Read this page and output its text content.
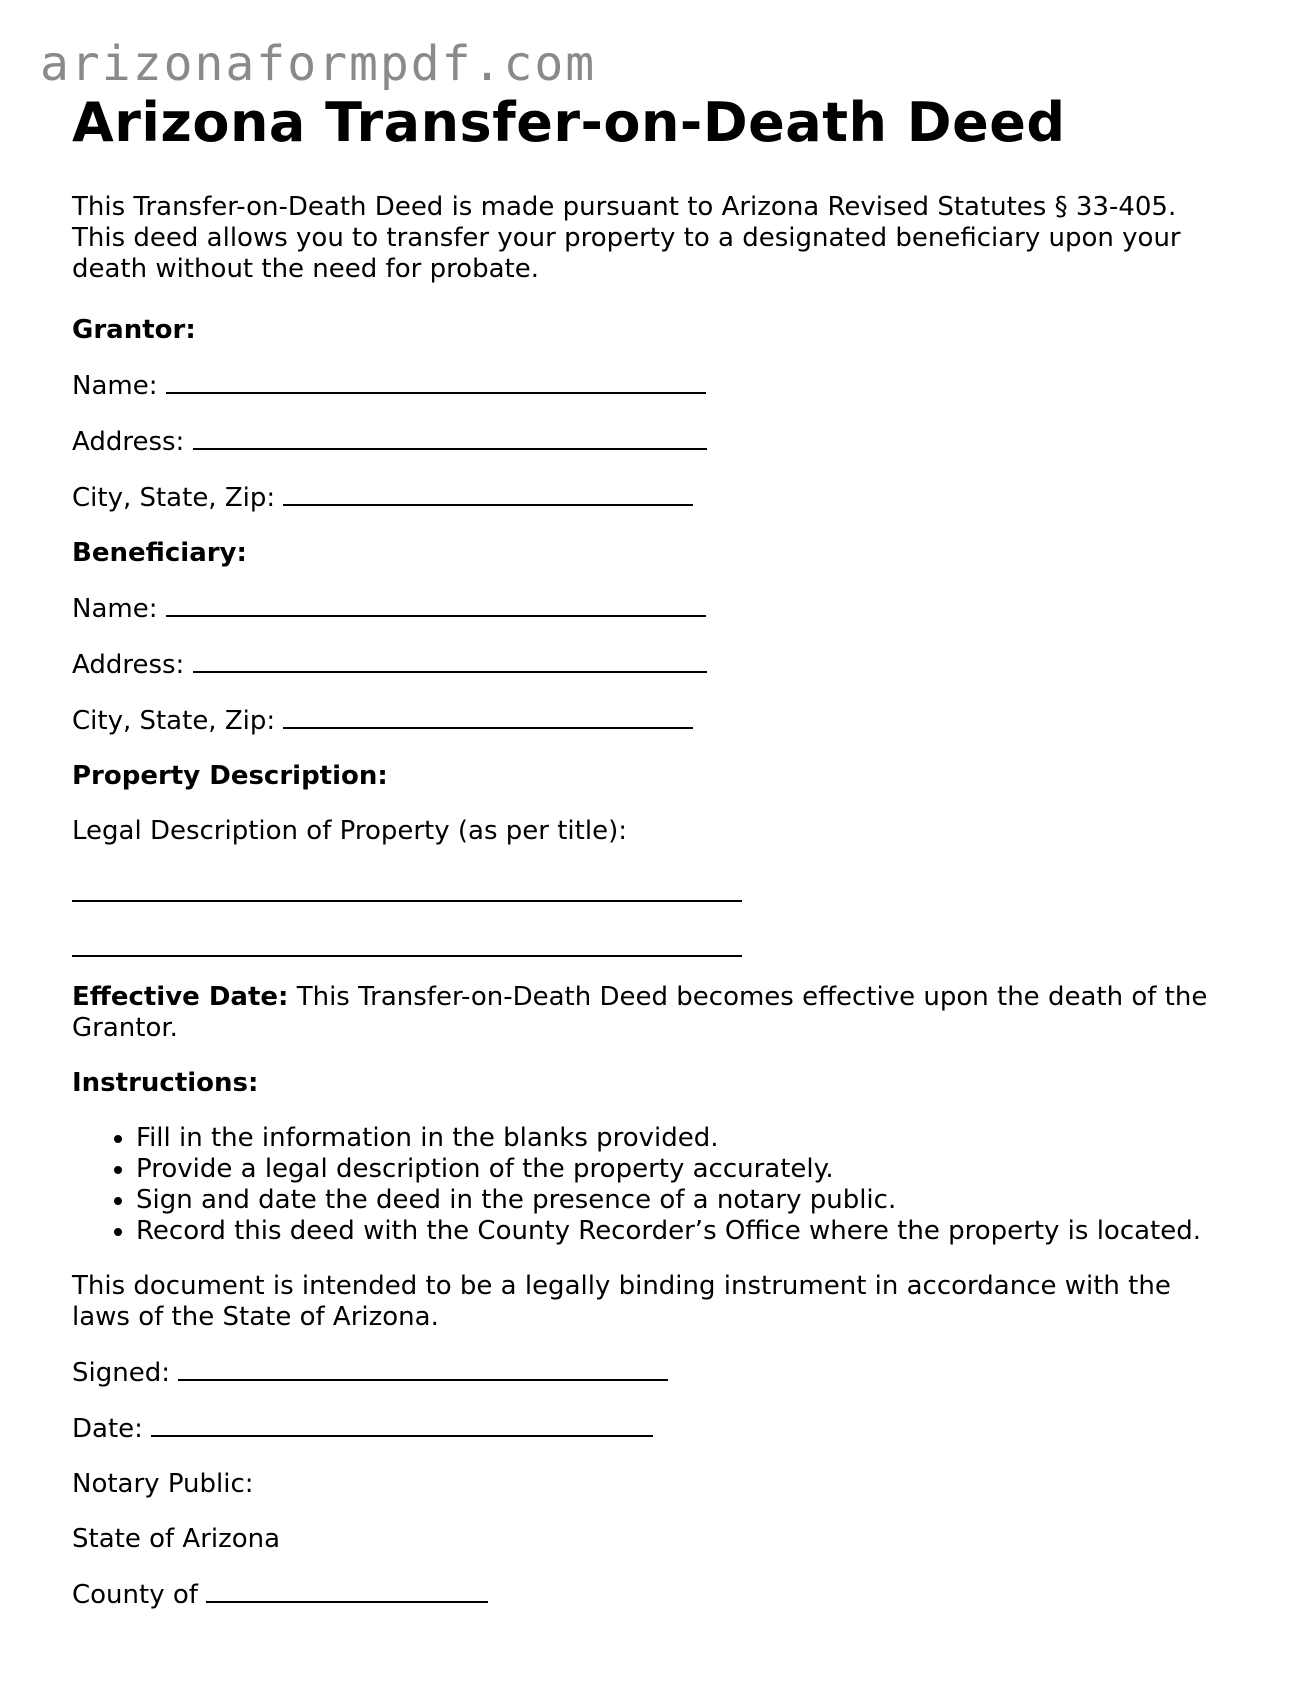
arizonaformpdf.com
Arizona Transfer-on-Death Deed

This Transfer-on-Death Deed is made pursuant to Arizona Revised Statutes § 33-405. This deed allows you to transfer your property to a designated beneficiary upon your death without the need for probate.

Grantor:

Name:

Address:

City, State, Zip:

Beneficiary:

Name:

Address:

City, State, Zip:

Property Description:

Legal Description of Property (as per title):

Effective Date: This Transfer-on-Death Deed becomes effective upon the death of the Grantor.

Instructions:

• Fill in the information in the blanks provided.
• Provide a legal description of the property accurately.
• Sign and date the deed in the presence of a notary public.
• Record this deed with the County Recorder’s Office where the property is located.

This document is intended to be a legally binding instrument in accordance with the laws of the State of Arizona.

Signed:

Date:

Notary Public:

State of Arizona

County of
